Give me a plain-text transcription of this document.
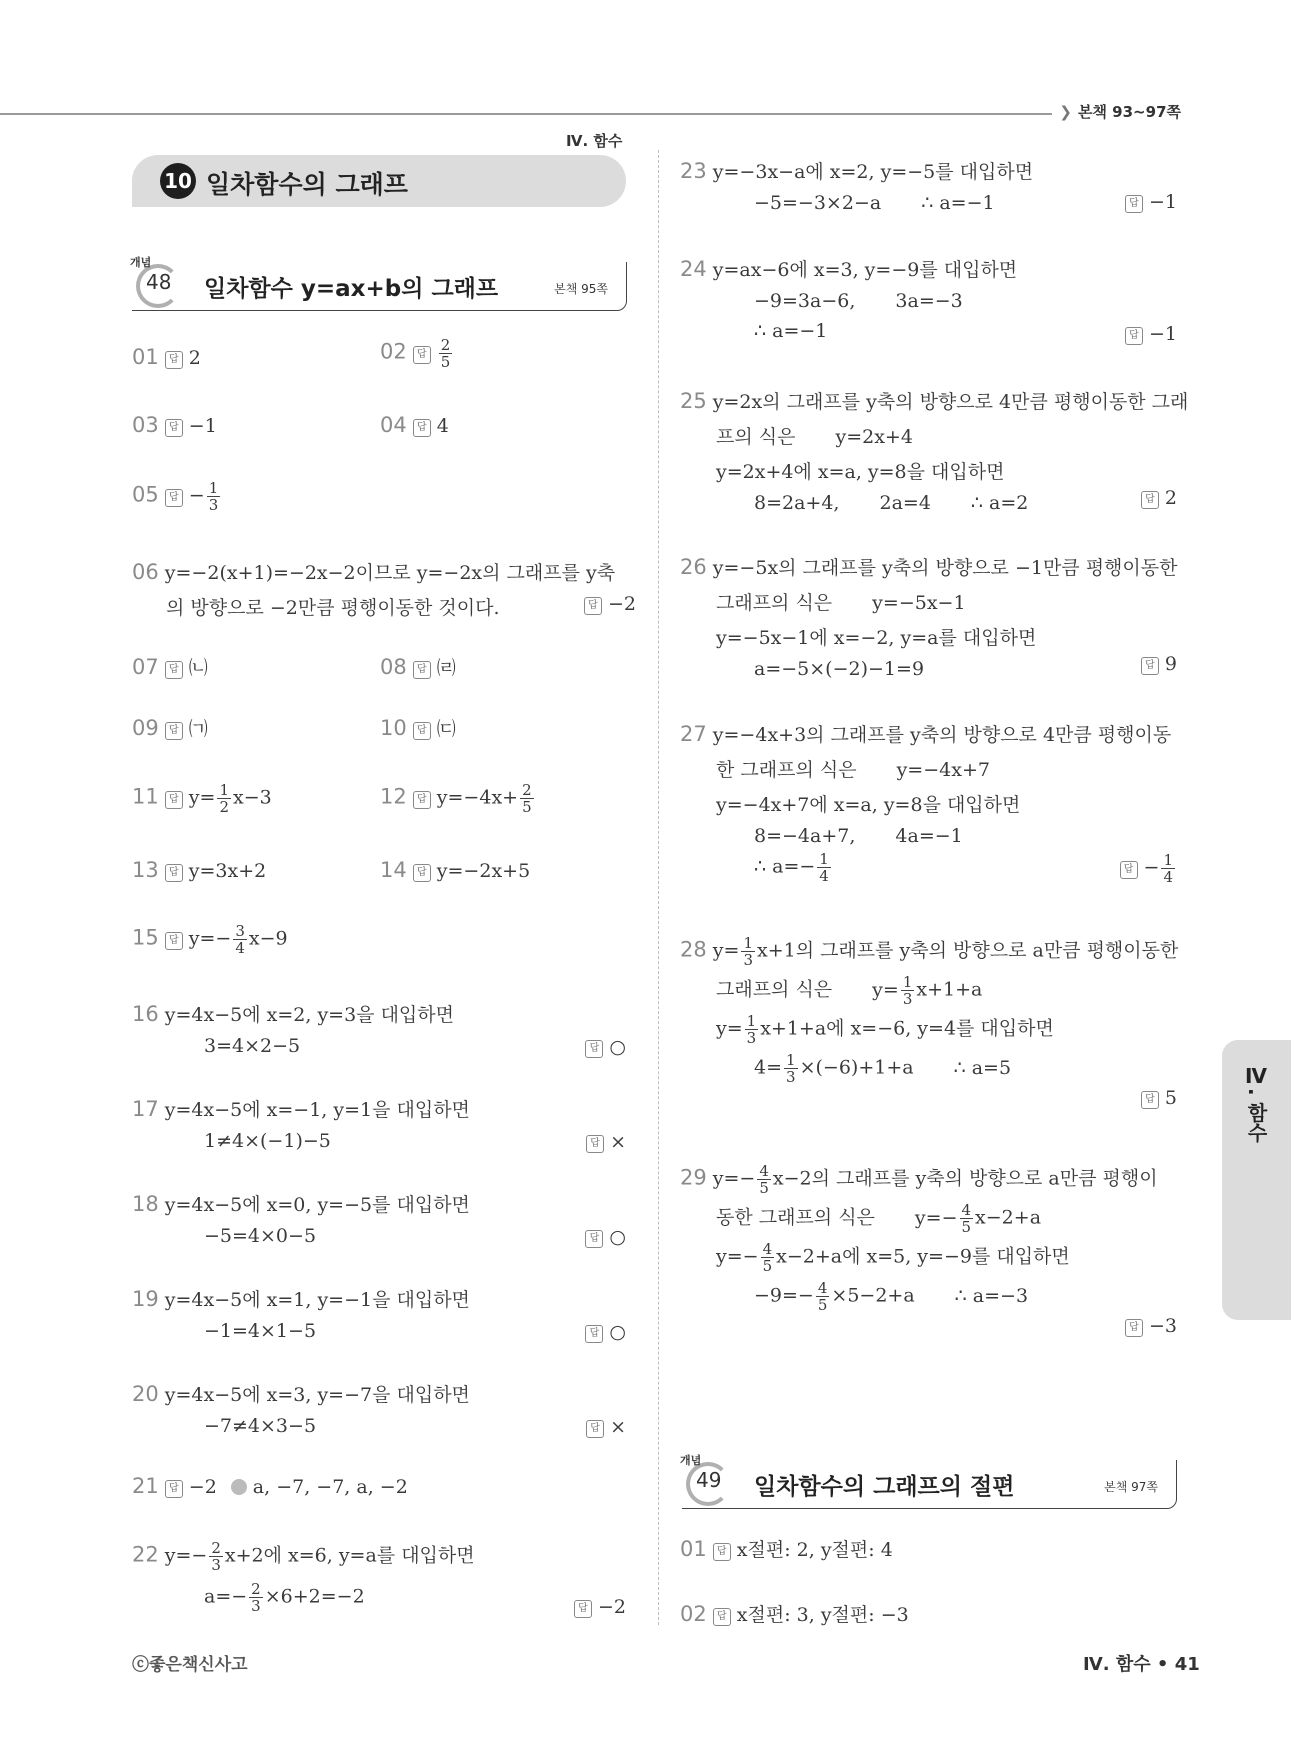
❯ 본책 93~97쪽
Ⅳ. 함수
10 일차함수의 그래프
개념
48 일차함수 y=ax+b의 그래프	본책 95쪽
01 답 2	02 답 $\frac{2}{5}$
03 답 −1	04 답 4
05 답 − $\frac{1}{3}$
06 y=−2(x+1)=−2x−2이므로 y=−2x의 그래프를 y축
의 방향으로 −2만큼 평행이동한 것이다.	답 −2
07 답 ㈁	08 답 ㈃
09 답 ㈀	10 답 ㈂
11 답 $y= \frac{1}{2} x-3$	12 답 $y=-4x+ \frac{2}{5}$
13 답 y=3x+2	14 답 y=−2x+5
15 답 $y=- \frac{3}{4} x-9$
16 y=4x−5에 x=2, y=3을 대입하면
3=4×2−5	답 ○
17 y=4x−5에 x=−1, y=1을 대입하면
1≠4×(−1)−5	답 ×
18 y=4x−5에 x=0, y=−5를 대입하면
−5=4×0−5	답 ○
19 y=4x−5에 x=1, y=−1을 대입하면
−1=4×1−5	답 ○
20 y=4x−5에 x=3, y=−7을 대입하면
−7≠4×3−5	답 ×
21 답 −2 a, −7, −7, a, −2
22 $y=- \frac{2}{3} x+2$에 x=6, y=a를 대입하면
$a=- \frac{2}{3} \times 6+2=-2$
답 −2
23 y=−3x−a에 x=2, y=−5를 대입하면
−5=−3×2−a ∴ a=−1	답 −1
24 y=ax−6에 x=3, y=−9를 대입하면
−9=3a−6, 3a=−3
∴ a=−1	답 −1
25 y=2x의 그래프를 y축의 방향으로 4만큼 평행이동한 그래
프의 식은 y=2x+4
y=2x+4에 x=a, y=8을 대입하면
8=2a+4, 2a=4 ∴ a=2	답 2
26 y=−5x의 그래프를 y축의 방향으로 −1만큼 평행이동한
그래프의 식은 y=−5x−1
y=−5x−1에 x=−2, y=a를 대입하면
a=−5×(−2)−1=9	답 9
27 y=−4x+3의 그래프를 y축의 방향으로 4만큼 평행이동
한 그래프의 식은 y=−4x+7
y=−4x+7에 x=a, y=8을 대입하면
8=−4a+7, 4a=−1
∴ $a=- \frac{1}{4}$	답 − $\frac{1}{4}$
28 $y= \frac{1}{3} x+1$의 그래프를 y축의 방향으로 a만큼 평행이동한
그래프의 식은 $y= \frac{1}{3} x+1+a$
$y= \frac{1}{3} x+1+a$에 x=−6, y=4를 대입하면
$4= \frac{1}{3} \times(-6)+1+a$ ∴ a=5
답 5
29 $y=- \frac{4}{5} x-2$의 그래프를 y축의 방향으로 a만큼 평행이
동한 그래프의 식은 $y=- \frac{4}{5} x-2+a$
$y=- \frac{4}{5} x-2+a$에 x=5, y=−9를 대입하면
$-9=- \frac{4}{5} \times 5-2+a$ ∴ a=−3
답 −3
개념
49 일차함수의 그래프의 절편	본책 97쪽
01 답 x절편: 2, y절편: 4
02 답 x절편: 3, y절편: −3
Ⅳ. 함수
ⓒ좋은책신사고	Ⅳ. 함수 • 41
